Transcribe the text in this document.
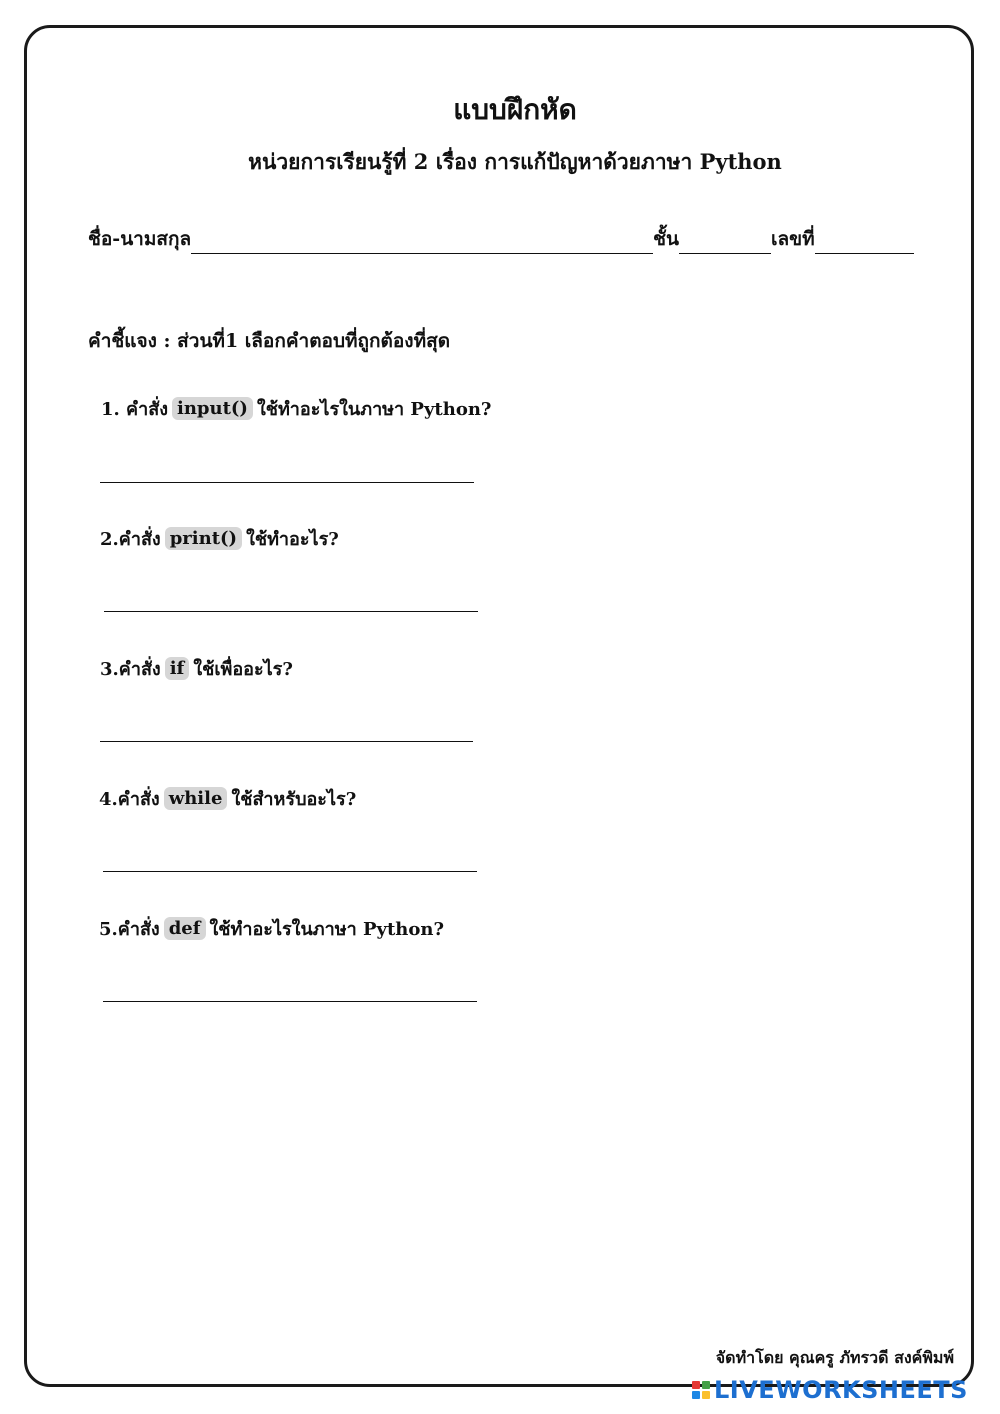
แบบฝึกหัด
หน่วยการเรียนรู้ที่ 2 เรื่อง การแก้ปัญหาด้วยภาษา Python
ชื่อ-นามสกุล	ชั้น	เลขที่
คำชี้แจง : ส่วนที่1 เลือกคำตอบที่ถูกต้องที่สุด
1. คำสั่ง input() ใช้ทำอะไรในภาษา Python?
2.คำสั่ง print() ใช้ทำอะไร?
3.คำสั่ง if ใช้เพื่ออะไร?
4.คำสั่ง while ใช้สำหรับอะไร?
5.คำสั่ง def ใช้ทำอะไรในภาษา Python?
จัดทำโดย คุณครู ภัทรวดี สงค์พิมพ์
LIVEWORKSHEETS
